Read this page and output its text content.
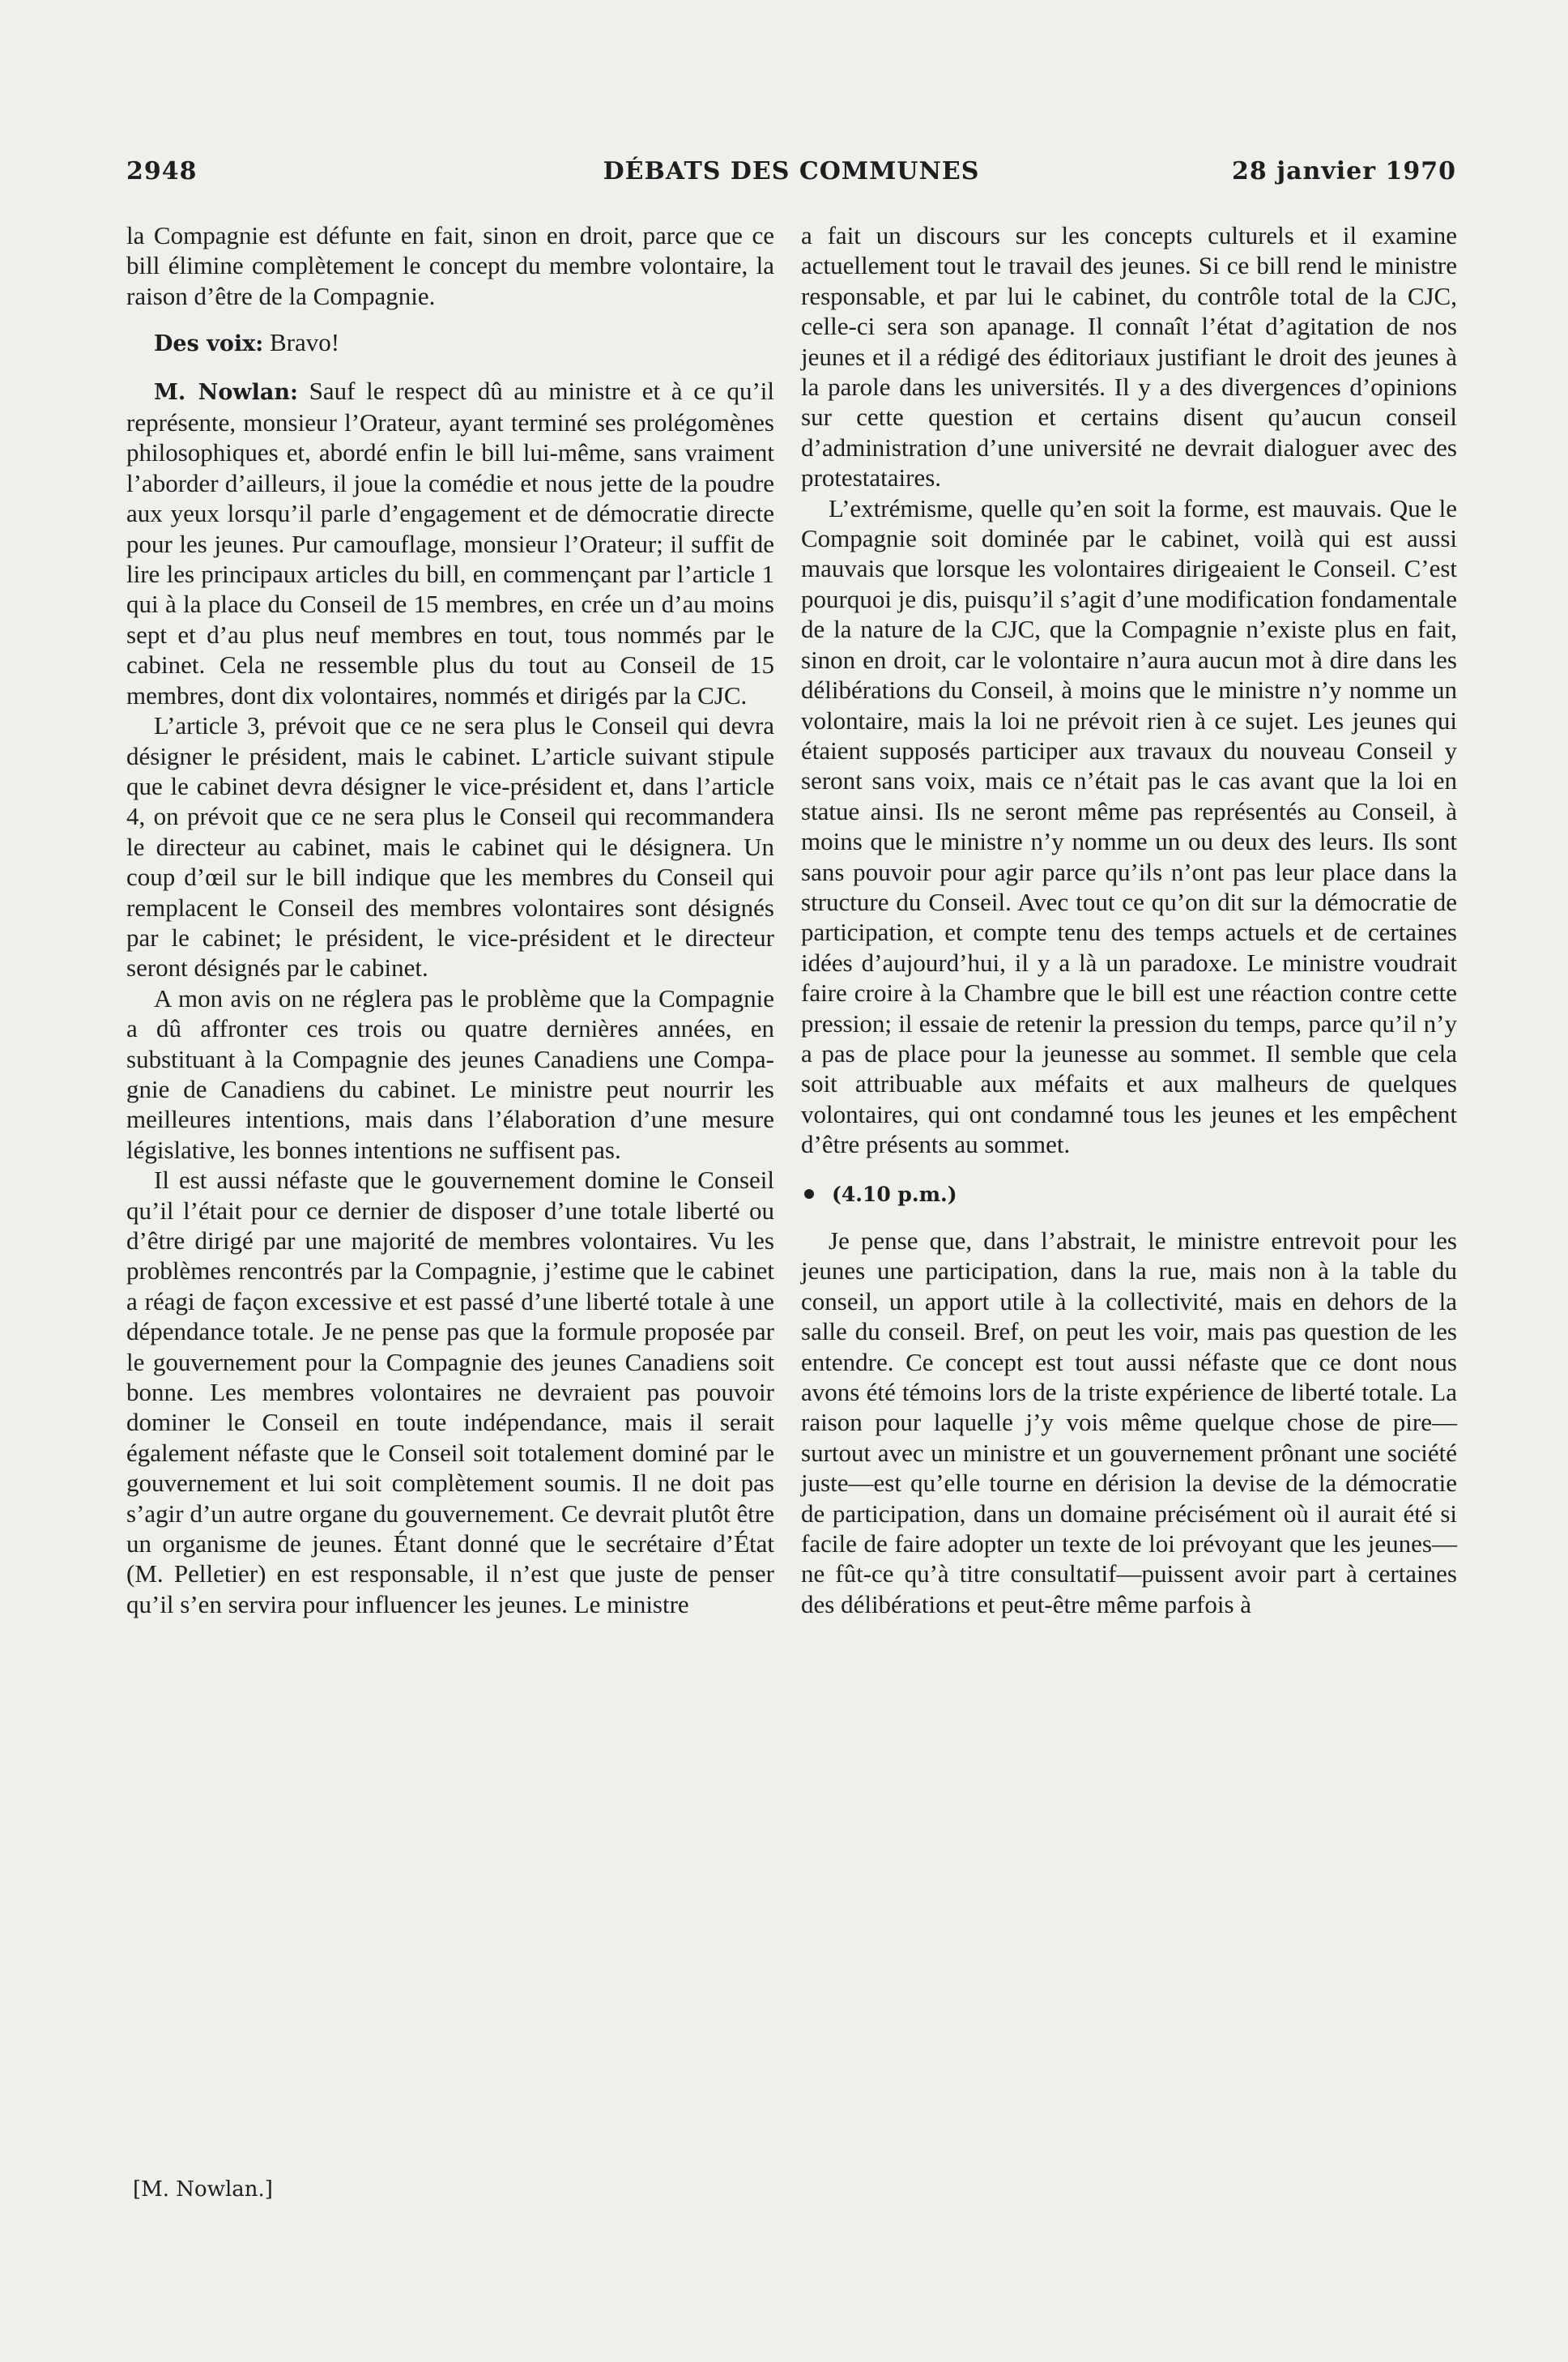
2948	DÉBATS DES COMMUNES	28 janvier 1970

la Compagnie est défunte en fait, sinon en droit, parce que ce bill élimine complètement le concept du membre volontaire, la raison d’être de la Compagnie.

Des voix: Bravo!

M. Nowlan: Sauf le respect dû au ministre et à ce qu’il représente, monsieur l’Orateur, ayant terminé ses prolégomènes philosophiques et, abordé enfin le bill lui-même, sans vraiment l’aborder d’ailleurs, il joue la comédie et nous jette de la poudre aux yeux lorsqu’il parle d’engagement et de démocratie directe pour les jeunes. Pur camouflage, monsieur l’Orateur; il suffit de lire les principaux articles du bill, en commençant par l’article 1 qui à la place du Conseil de 15 membres, en crée un d’au moins sept et d’au plus neuf membres en tout, tous nommés par le cabinet. Cela ne ressemble plus du tout au Conseil de 15 membres, dont dix volontaires, nommés et dirigés par la CJC.

L’article 3, prévoit que ce ne sera plus le Conseil qui devra désigner le président, mais le cabinet. L’article suivant stipule que le cabinet devra désigner le vice-président et, dans l’article 4, on prévoit que ce ne sera plus le Conseil qui recommandera le directeur au cabinet, mais le cabinet qui le désignera. Un coup d’œil sur le bill indique que les membres du Conseil qui remplacent le Conseil des membres volontaires sont désignés par le cabinet; le président, le vice-président et le directeur seront désignés par le cabinet.

A mon avis on ne réglera pas le problème que la Compagnie a dû affronter ces trois ou quatre dernières années, en substituant à la Compagnie des jeunes Canadiens une Compagnie de Canadiens du cabinet. Le ministre peut nourrir les meilleures intentions, mais dans l’élaboration d’une mesure législative, les bonnes intentions ne suffisent pas.

Il est aussi néfaste que le gouvernement domine le Conseil qu’il l’était pour ce dernier de disposer d’une totale liberté ou d’être dirigé par une majorité de membres volontaires. Vu les problèmes rencontrés par la Compagnie, j’estime que le cabinet a réagi de façon excessive et est passé d’une liberté totale à une dépendance totale. Je ne pense pas que la formule proposée par le gouvernement pour la Compagnie des jeunes Canadiens soit bonne. Les membres volontaires ne devraient pas pouvoir dominer le Conseil en toute indépendance, mais il serait également néfaste que le Conseil soit totalement dominé par le gouvernement et lui soit complètement soumis. Il ne doit pas s’agir d’un autre organe du gouvernement. Ce devrait plutôt être un organisme de jeunes. Étant donné que le secrétaire d’État (M. Pelletier) en est responsable, il n’est que juste de penser qu’il s’en servira pour influencer les jeunes. Le ministre

a fait un discours sur les concepts culturels et il examine actuellement tout le travail des jeunes. Si ce bill rend le ministre responsable, et par lui le cabinet, du contrôle total de la CJC, celle-ci sera son apanage. Il connaît l’état d’agitation de nos jeunes et il a rédigé des éditoriaux justifiant le droit des jeunes à la parole dans les universités. Il y a des divergences d’opinions sur cette question et certains disent qu’aucun conseil d’administration d’une université ne devrait dialoguer avec des protestataires.

L’extrémisme, quelle qu’en soit la forme, est mauvais. Que le Compagnie soit dominée par le cabinet, voilà qui est aussi mauvais que lorsque les volontaires dirigeaient le Conseil. C’est pourquoi je dis, puisqu’il s’agit d’une modification fondamentale de la nature de la CJC, que la Compagnie n’existe plus en fait, sinon en droit, car le volontaire n’aura aucun mot à dire dans les délibérations du Conseil, à moins que le ministre n’y nomme un volontaire, mais la loi ne prévoit rien à ce sujet. Les jeunes qui étaient supposés participer aux travaux du nouveau Conseil y seront sans voix, mais ce n’était pas le cas avant que la loi en statue ainsi. Ils ne seront même pas représentés au Conseil, à moins que le ministre n’y nomme un ou deux des leurs. Ils sont sans pouvoir pour agir parce qu’ils n’ont pas leur place dans la structure du Conseil. Avec tout ce qu’on dit sur la démocratie de participation, et compte tenu des temps actuels et de certaines idées d’aujourd’hui, il y a là un paradoxe. Le ministre voudrait faire croire à la Chambre que le bill est une réaction contre cette pression; il essaie de retenir la pression du temps, parce qu’il n’y a pas de place pour la jeunesse au sommet. Il semble que cela soit attribuable aux méfaits et aux malheurs de quelques volontaires, qui ont condamné tous les jeunes et les empêchent d’être présents au sommet.

(4.10 p.m.)

Je pense que, dans l’abstrait, le ministre entrevoit pour les jeunes une participation, dans la rue, mais non à la table du conseil, un apport utile à la collectivité, mais en dehors de la salle du conseil. Bref, on peut les voir, mais pas question de les entendre. Ce concept est tout aussi néfaste que ce dont nous avons été témoins lors de la triste expérience de liberté totale. La raison pour laquelle j’y vois même quelque chose de pire—surtout avec un ministre et un gouvernement prônant une société juste—est qu’elle tourne en dérision la devise de la démocratie de participation, dans un domaine précisément où il aurait été si facile de faire adopter un texte de loi prévoyant que les jeunes—ne fût-ce qu’à titre consultatif—puissent avoir part à certaines des délibérations et peut-être même parfois à

[M. Nowlan.]
